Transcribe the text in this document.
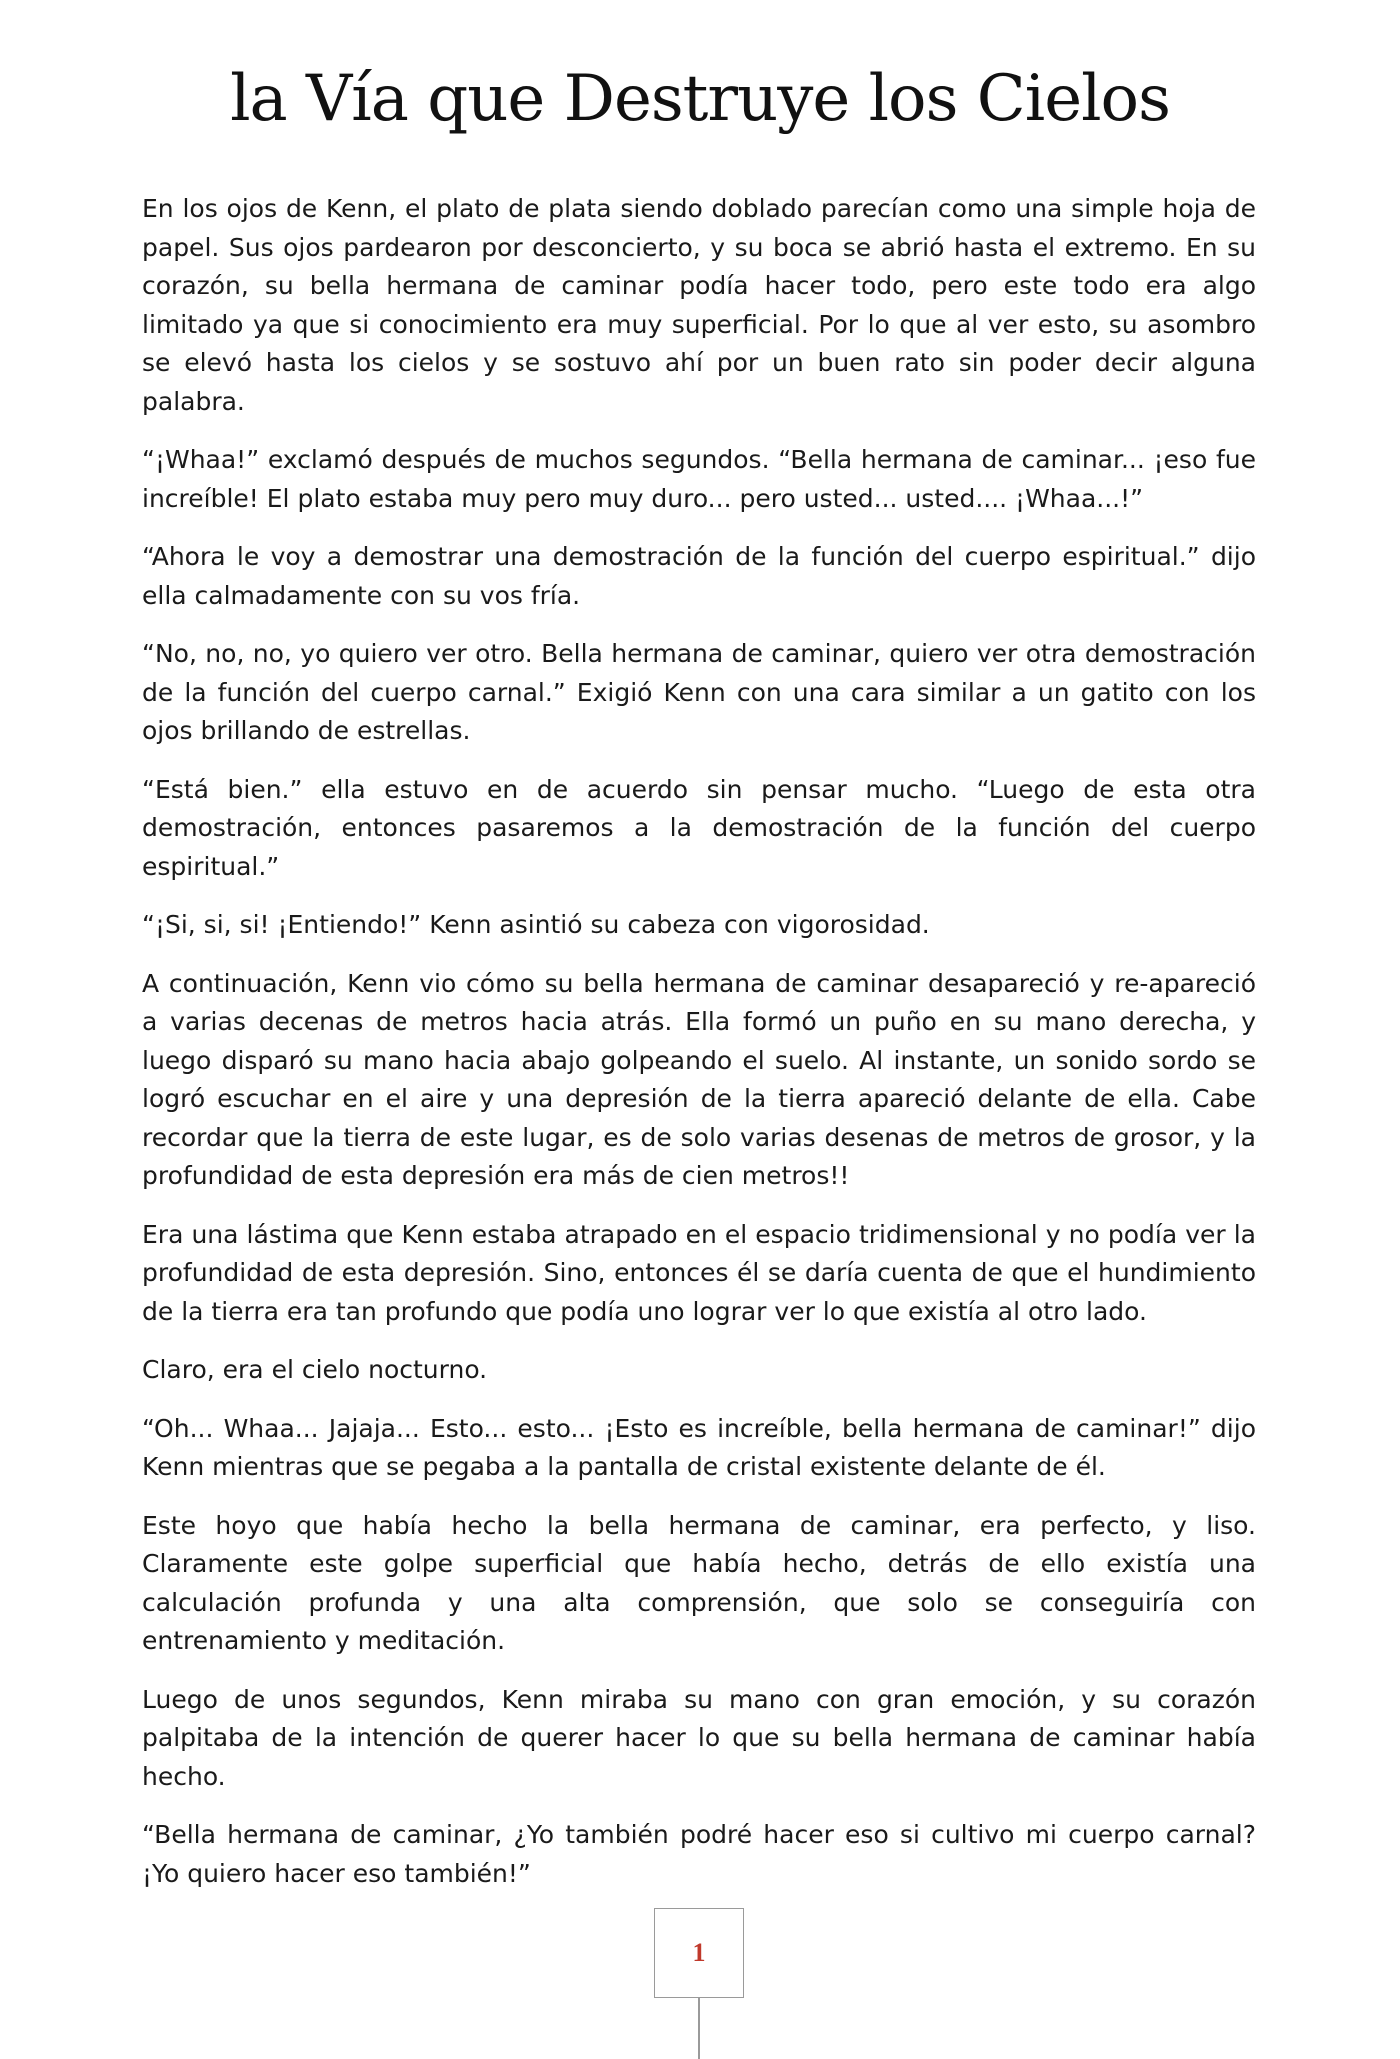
la Vía que Destruye los Cielos

En los ojos de Kenn, el plato de plata siendo doblado parecían como una simple hoja de papel. Sus ojos pardearon por desconcierto, y su boca se abrió hasta el extremo. En su corazón, su bella hermana de caminar podía hacer todo, pero este todo era algo limitado ya que si conocimiento era muy superficial. Por lo que al ver esto, su asombro se elevó hasta los cielos y se sostuvo ahí por un buen rato sin poder decir alguna palabra.

“¡Whaa!” exclamó después de muchos segundos. “Bella hermana de caminar... ¡eso fue increíble! El plato estaba muy pero muy duro... pero usted... usted.... ¡Whaa...!”

“Ahora le voy a demostrar una demostración de la función del cuerpo espiritual.” dijo ella calmadamente con su vos fría.

“No, no, no, yo quiero ver otro. Bella hermana de caminar, quiero ver otra demostración de la función del cuerpo carnal.” Exigió Kenn con una cara similar a un gatito con los ojos brillando de estrellas.

“Está bien.” ella estuvo en de acuerdo sin pensar mucho. “Luego de esta otra demostración, entonces pasaremos a la demostración de la función del cuerpo espiritual.”

“¡Si, si, si! ¡Entiendo!” Kenn asintió su cabeza con vigorosidad.

A continuación, Kenn vio cómo su bella hermana de caminar desapareció y re-apareció a varias decenas de metros hacia atrás. Ella formó un puño en su mano derecha, y luego disparó su mano hacia abajo golpeando el suelo. Al instante, un sonido sordo se logró escuchar en el aire y una depresión de la tierra apareció delante de ella. Cabe recordar que la tierra de este lugar, es de solo varias desenas de metros de grosor, y la profundidad de esta depresión era más de cien metros!!

Era una lástima que Kenn estaba atrapado en el espacio tridimensional y no podía ver la profundidad de esta depresión. Sino, entonces él se daría cuenta de que el hundimiento de la tierra era tan profundo que podía uno lograr ver lo que existía al otro lado.

Claro, era el cielo nocturno.

“Oh... Whaa... Jajaja... Esto... esto... ¡Esto es increíble, bella hermana de caminar!” dijo Kenn mientras que se pegaba a la pantalla de cristal existente delante de él.

Este hoyo que había hecho la bella hermana de caminar, era perfecto, y liso. Claramente este golpe superficial que había hecho, detrás de ello existía una calculación profunda y una alta comprensión, que solo se conseguiría con entrenamiento y meditación.

Luego de unos segundos, Kenn miraba su mano con gran emoción, y su corazón palpitaba de la intención de querer hacer lo que su bella hermana de caminar había hecho.

“Bella hermana de caminar, ¿Yo también podré hacer eso si cultivo mi cuerpo carnal? ¡Yo quiero hacer eso también!”

1
